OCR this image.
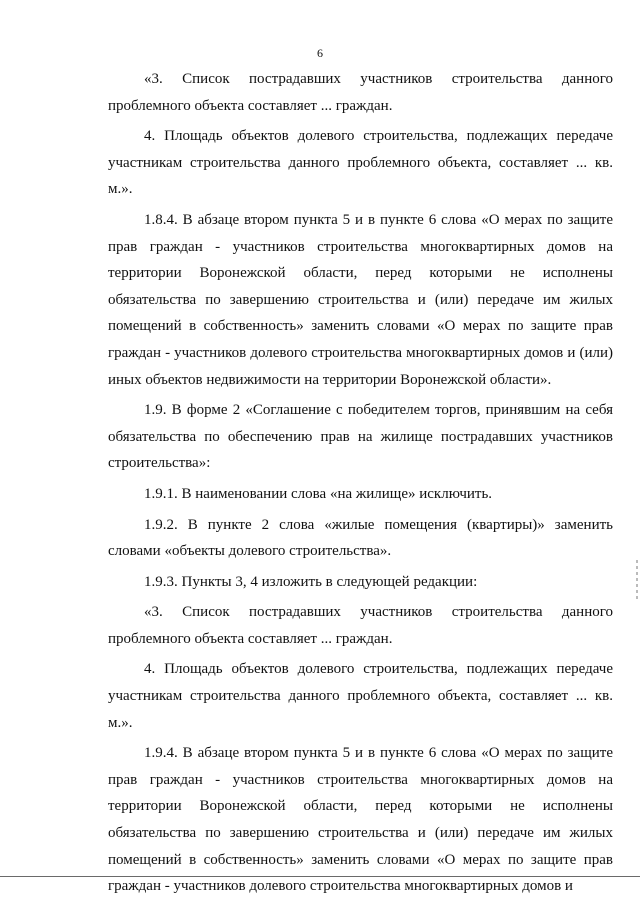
6

«3. Список пострадавших участников строительства данного проблемного объекта составляет ... граждан.

4. Площадь объектов долевого строительства, подлежащих передаче участникам строительства данного проблемного объекта, составляет ... кв. м.».

1.8.4. В абзаце втором пункта 5 и в пункте 6 слова «О мерах по защите прав граждан - участников строительства многоквартирных домов на территории Воронежской области, перед которыми не исполнены обязательства по завершению строительства и (или) передаче им жилых помещений в собственность» заменить словами «О мерах по защите прав граждан - участников долевого строительства многоквартирных домов и (или) иных объектов недвижимости на территории Воронежской области».

1.9. В форме 2 «Соглашение с победителем торгов, принявшим на себя обязательства по обеспечению прав на жилище пострадавших участников строительства»:

1.9.1. В наименовании слова «на жилище» исключить.

1.9.2. В пункте 2 слова «жилые помещения (квартиры)» заменить словами «объекты долевого строительства».

1.9.3. Пункты 3, 4 изложить в следующей редакции:

«3. Список пострадавших участников строительства данного проблемного объекта составляет ... граждан.

4. Площадь объектов долевого строительства, подлежащих передаче участникам строительства данного проблемного объекта, составляет ... кв. м.».

1.9.4. В абзаце втором пункта 5 и в пункте 6 слова «О мерах по защите прав граждан - участников строительства многоквартирных домов на территории Воронежской области, перед которыми не исполнены обязательства по завершению строительства и (или) передаче им жилых помещений в собственность» заменить словами «О мерах по защите прав граждан - участников долевого строительства многоквартирных домов и
